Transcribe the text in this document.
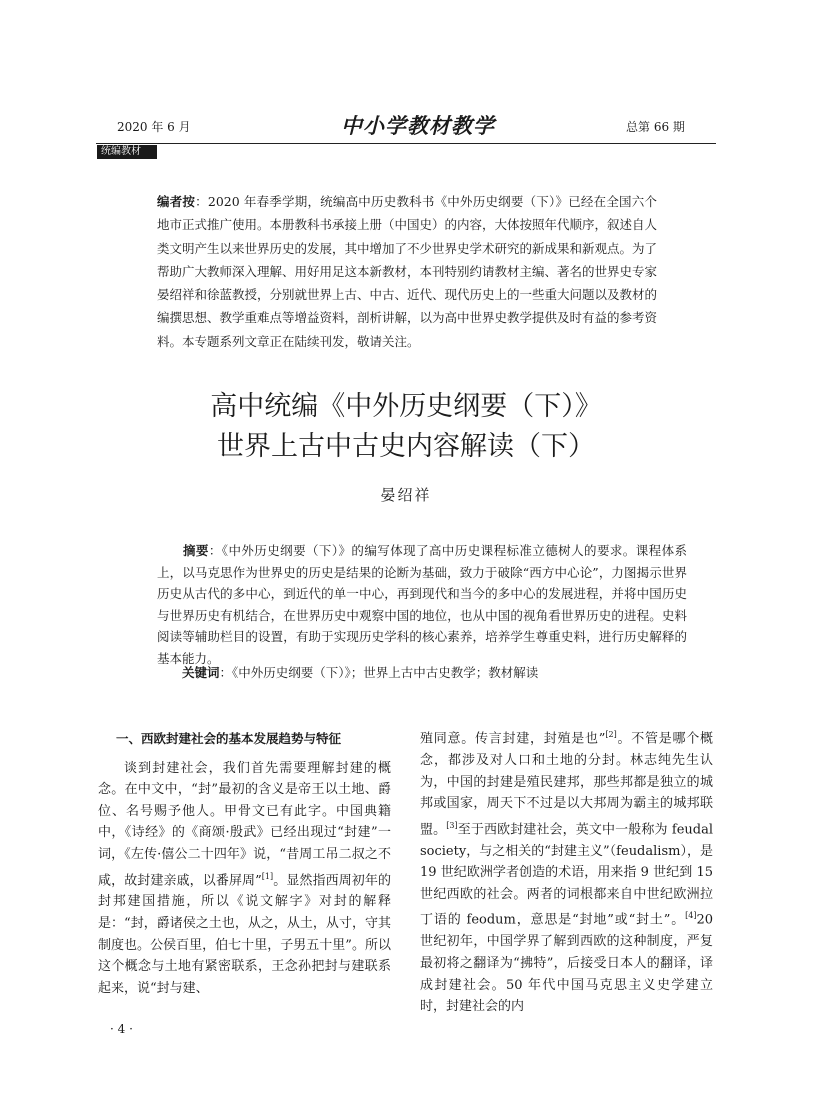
2020 年 6 月	中小学教材教学	总第 66 期
统编教材
编者按：2020 年春季学期，统编高中历史教科书《中外历史纲要（下）》已经在全国六个地市正式推广使用。本册教科书承接上册（中国史）的内容，大体按照年代顺序，叙述自人类文明产生以来世界历史的发展，其中增加了不少世界史学术研究的新成果和新观点。为了帮助广大教师深入理解、用好用足这本新教材，本刊特别约请教材主编、著名的世界史专家晏绍祥和徐蓝教授，分别就世界上古、中古、近代、现代历史上的一些重大问题以及教材的编撰思想、教学重难点等增益资料，剖析讲解，以为高中世界史教学提供及时有益的参考资料。本专题系列文章正在陆续刊发，敬请关注。
高中统编《中外历史纲要（下）》
世界上古中古史内容解读（下）
晏绍祥
摘要：《中外历史纲要（下）》的编写体现了高中历史课程标准立德树人的要求。课程体系上，以马克思作为世界史的历史是结果的论断为基础，致力于破除“西方中心论”，力图揭示世界历史从古代的多中心，到近代的单一中心，再到现代和当今的多中心的发展进程，并将中国历史与世界历史有机结合，在世界历史中观察中国的地位，也从中国的视角看世界历史的进程。史料阅读等辅助栏目的设置，有助于实现历史学科的核心素养，培养学生尊重史料，进行历史解释的基本能力。
关键词：《中外历史纲要（下）》；世界上古中古史教学；教材解读
一、西欧封建社会的基本发展趋势与特征

谈到封建社会，我们首先需要理解封建的概念。在中文中，“封”最初的含义是帝王以土地、爵位、名号赐予他人。甲骨文已有此字。中国典籍中，《诗经》的《商颂·殷武》已经出现过“封建”一词，《左传·僖公二十四年》说，“昔周工吊二叔之不咸，故封建亲戚，以番屏周”[1]。显然指西周初年的封邦建国措施，所以《说文解字》对封的解释是：“封，爵诸侯之土也，从之，从土，从寸，守其制度也。公侯百里，伯七十里，子男五十里”。所以这个概念与土地有紧密联系，王念孙把封与建联系起来，说“封与建、

殖同意。传言封建，封殖是也”[2]。不管是哪个概念，都涉及对人口和土地的分封。林志纯先生认为，中国的封建是殖民建邦，那些邦都是独立的城邦或国家，周天下不过是以大邦周为霸主的城邦联盟。[3]至于西欧封建社会，英文中一般称为 feudal society，与之相关的“封建主义”（feudalism），是 19 世纪欧洲学者创造的术语，用来指 9 世纪到 15 世纪西欧的社会。两者的词根都来自中世纪欧洲拉丁语的 feodum，意思是“封地”或“封土”。[4]20 世纪初年，中国学界了解到西欧的这种制度，严复最初将之翻译为“拂特”，后接受日本人的翻译，译成封建社会。50 年代中国马克思主义史学建立时，封建社会的内

· 4 ·
